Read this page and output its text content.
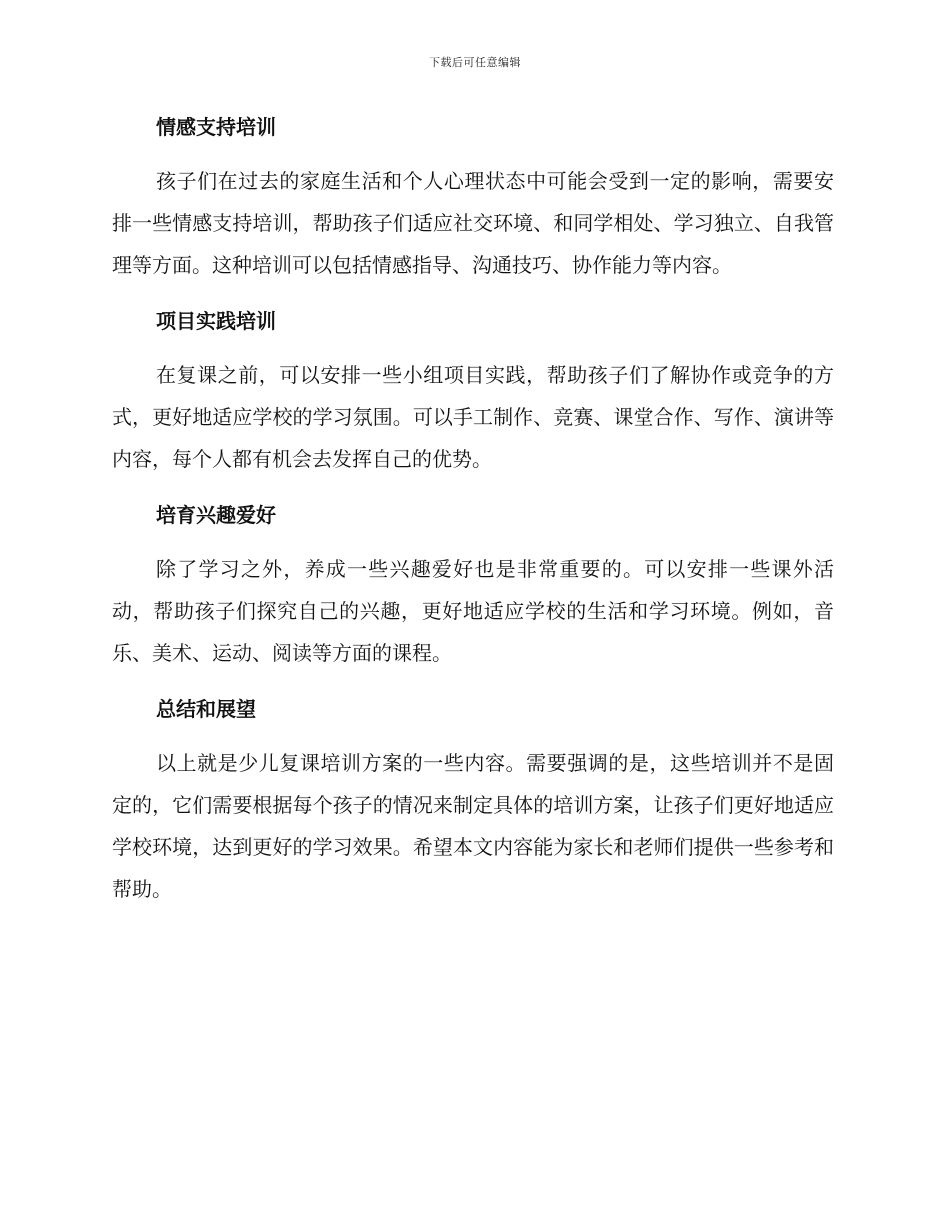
下载后可任意编辑
情感支持培训

孩子们在过去的家庭生活和个人心理状态中可能会受到一定的影响，需要安排一些情感支持培训，帮助孩子们适应社交环境、和同学相处、学习独立、自我管理等方面。这种培训可以包括情感指导、沟通技巧、协作能力等内容。

项目实践培训

在复课之前，可以安排一些小组项目实践，帮助孩子们了解协作或竞争的方式，更好地适应学校的学习氛围。可以手工制作、竞赛、课堂合作、写作、演讲等内容，每个人都有机会去发挥自己的优势。

培育兴趣爱好

除了学习之外，养成一些兴趣爱好也是非常重要的。可以安排一些课外活动，帮助孩子们探究自己的兴趣，更好地适应学校的生活和学习环境。例如，音乐、美术、运动、阅读等方面的课程。

总结和展望

以上就是少儿复课培训方案的一些内容。需要强调的是，这些培训并不是固定的，它们需要根据每个孩子的情况来制定具体的培训方案，让孩子们更好地适应学校环境，达到更好的学习效果。希望本文内容能为家长和老师们提供一些参考和帮助。
